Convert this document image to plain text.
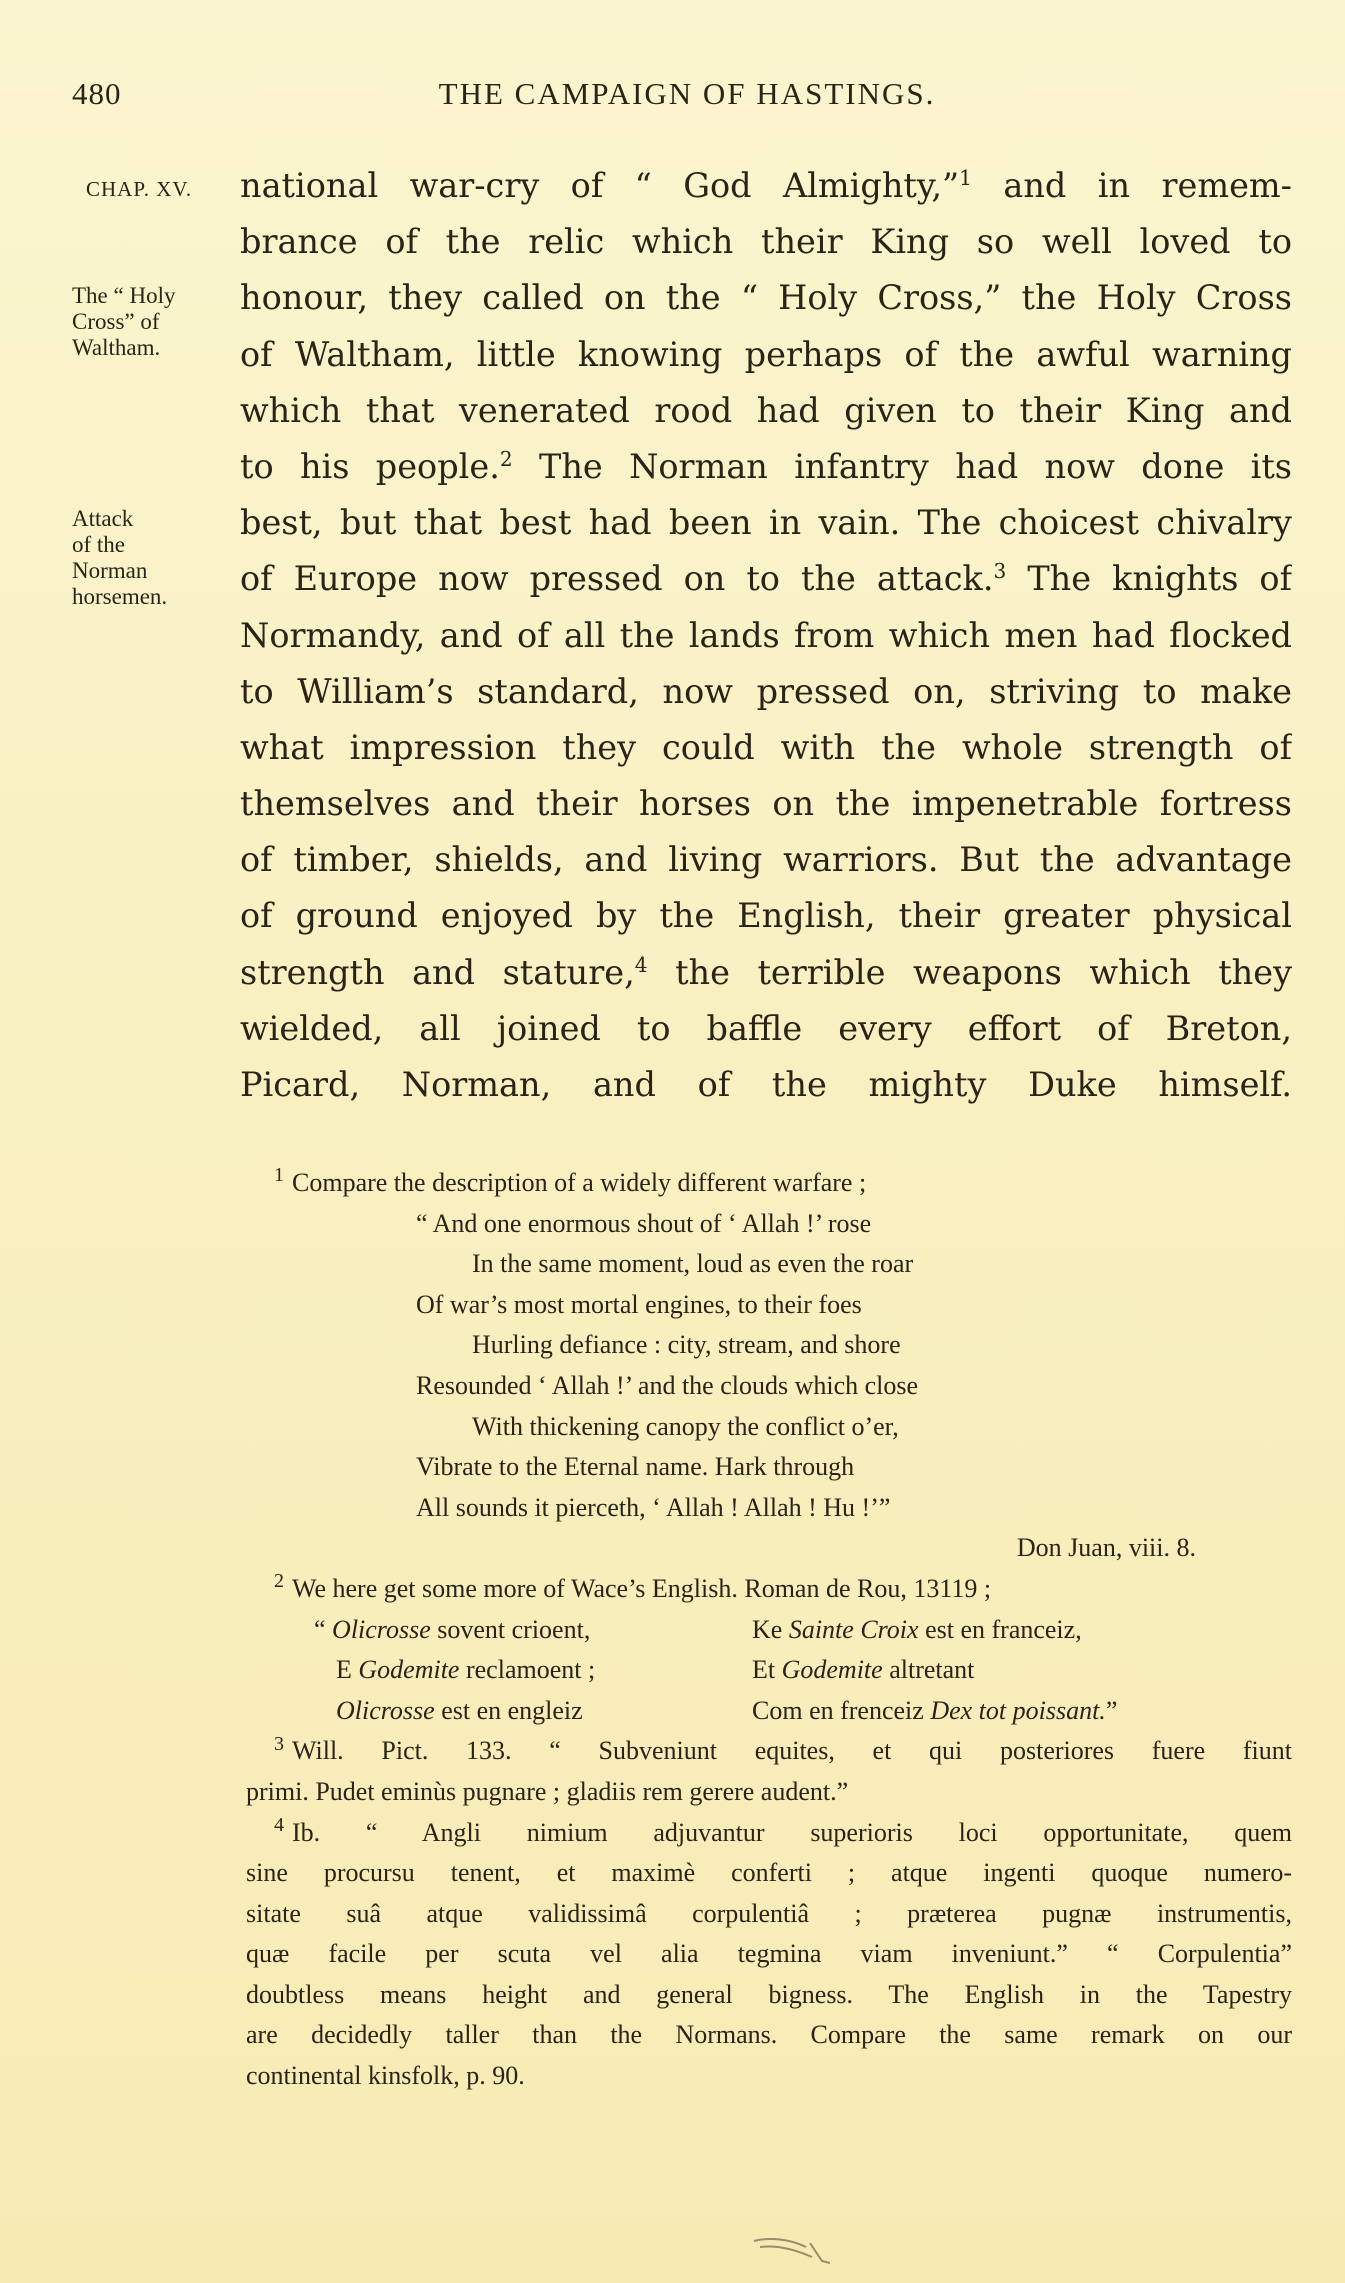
480	THE CAMPAIGN OF HASTINGS.
CHAP. XV.
The “ Holy
Cross” of
Waltham.
Attack
of the
Norman
horsemen.
national war-cry of “ God Almighty,”$^1$ and in remem-
brance of the relic which their King so well loved to
honour, they called on the “ Holy Cross,” the Holy Cross
of Waltham, little knowing perhaps of the awful warning
which that venerated rood had given to their King and
to his people.$^2$ The Norman infantry had now done its
best, but that best had been in vain. The choicest chivalry
of Europe now pressed on to the attack.$^3$ The knights of
Normandy, and of all the lands from which men had flocked
to William’s standard, now pressed on, striving to make
what impression they could with the whole strength of
themselves and their horses on the impenetrable fortress
of timber, shields, and living warriors. But the advantage
of ground enjoyed by the English, their greater physical
strength and stature,$^4$ the terrible weapons which they
wielded, all joined to baffle every effort of Breton,
Picard, Norman, and of the mighty Duke himself.
$^1$ Compare the description of a widely different warfare ;
“ And one enormous shout of ‘ Allah !’ rose
In the same moment, loud as even the roar
Of war’s most mortal engines, to their foes
Hurling defiance : city, stream, and shore
Resounded ‘ Allah !’ and the clouds which close
With thickening canopy the conflict o’er,
Vibrate to the Eternal name. Hark through
All sounds it pierceth, ‘ Allah ! Allah ! Hu !’”
Don Juan, viii. 8.
$^2$ We here get some more of Wace’s English. Roman de Rou, 13119 ;
“ Olicrosse sovent crioent,	Ke Sainte Croix est en franceiz,
E Godemite reclamoent ;	Et Godemite altretant
Olicrosse est en engleiz	Com en frenceiz Dex tot poissant.”
$^3$ Will. Pict. 133. “ Subveniunt equites, et qui posteriores fuere fiunt
primi. Pudet eminùs pugnare ; gladiis rem gerere audent.”
$^4$ Ib. “ Angli nimium adjuvantur superioris loci opportunitate, quem
sine procursu tenent, et maximè conferti ; atque ingenti quoque numero-
sitate suâ atque validissimâ corpulentiâ ; præterea pugnæ instrumentis,
quæ facile per scuta vel alia tegmina viam inveniunt.” “ Corpulentia”
doubtless means height and general bigness. The English in the Tapestry
are decidedly taller than the Normans. Compare the same remark on our
continental kinsfolk, p. 90.
